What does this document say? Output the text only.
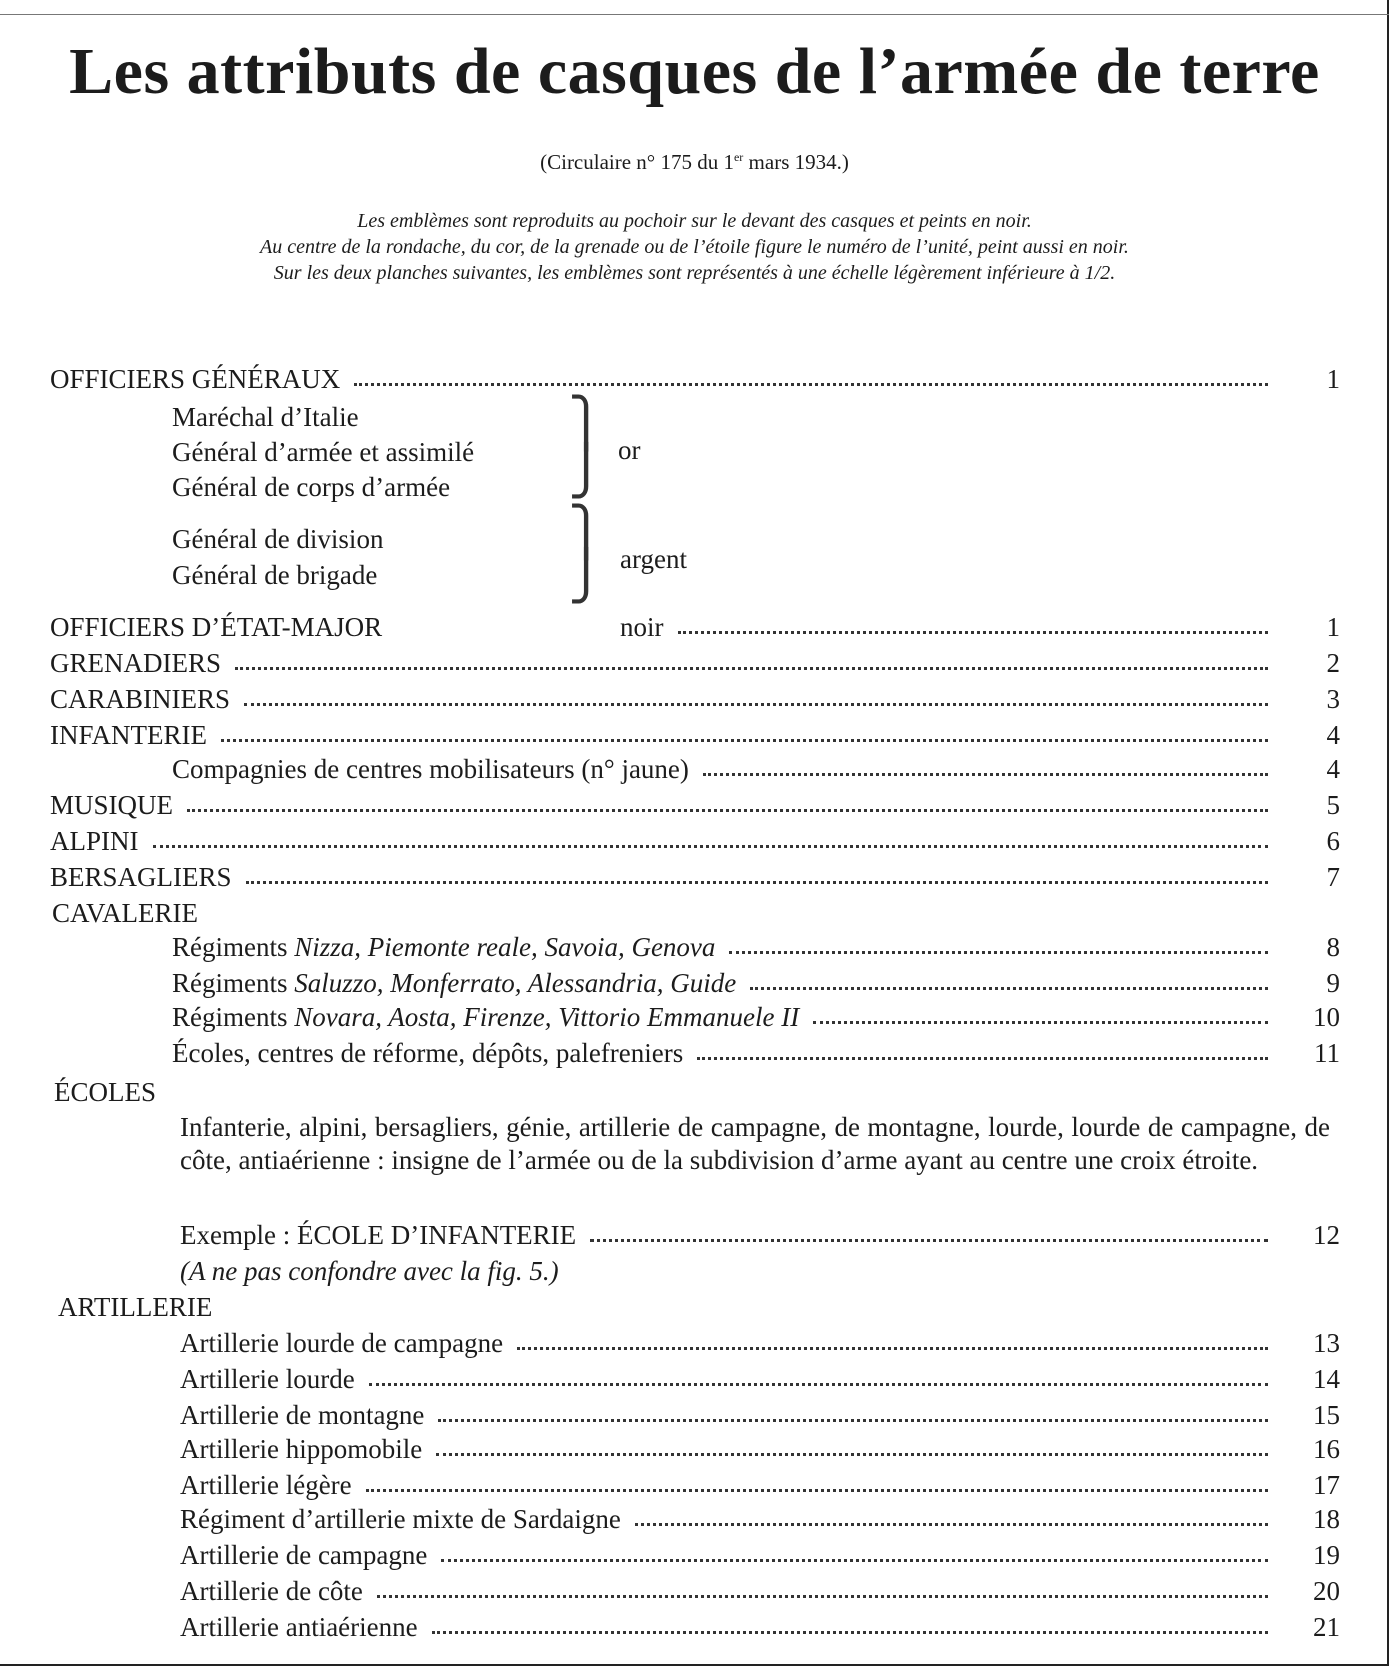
Les attributs de casques de l’armée de terre
(Circulaire n° 175 du 1er mars 1934.)
Les emblèmes sont reproduits au pochoir sur le devant des casques et peints en noir.
Au centre de la rondache, du cor, de la grenade ou de l’étoile figure le numéro de l’unité, peint aussi en noir.
Sur les deux planches suivantes, les emblèmes sont représentés à une échelle légèrement inférieure à 1/2.
OFFICIERS GÉNÉRAUX	1
Maréchal d’Italie
Général d’armée et assimilé
Général de corps d’armée
⎫
⎭ or
Général de division
Général de brigade
⎫
⎭ argent
OFFICIERS D’ÉTAT-MAJOR	noir	1
GRENADIERS	2
CARABINIERS	3
INFANTERIE	4
Compagnies de centres mobilisateurs (n° jaune)	4
MUSIQUE	5
ALPINI	6
BERSAGLIERS	7
CAVALERIE
Régiments Nizza, Piemonte reale, Savoia, Genova	8
Régiments Saluzzo, Monferrato, Alessandria, Guide	9
Régiments Novara, Aosta, Firenze, Vittorio Emmanuele II	10
Écoles, centres de réforme, dépôts, palefreniers	11
ÉCOLES
Infanterie, alpini, bersagliers, génie, artillerie de campagne, de montagne, lourde, lourde de campagne, de côte, antiaérienne : insigne de l’armée ou de la subdivision d’arme ayant au centre une croix étroite.
Exemple : ÉCOLE D’INFANTERIE	12
(A ne pas confondre avec la fig. 5.)
ARTILLERIE
Artillerie lourde de campagne	13
Artillerie lourde	14
Artillerie de montagne	15
Artillerie hippomobile	16
Artillerie légère	17
Régiment d’artillerie mixte de Sardaigne	18
Artillerie de campagne	19
Artillerie de côte	20
Artillerie antiaérienne	21
